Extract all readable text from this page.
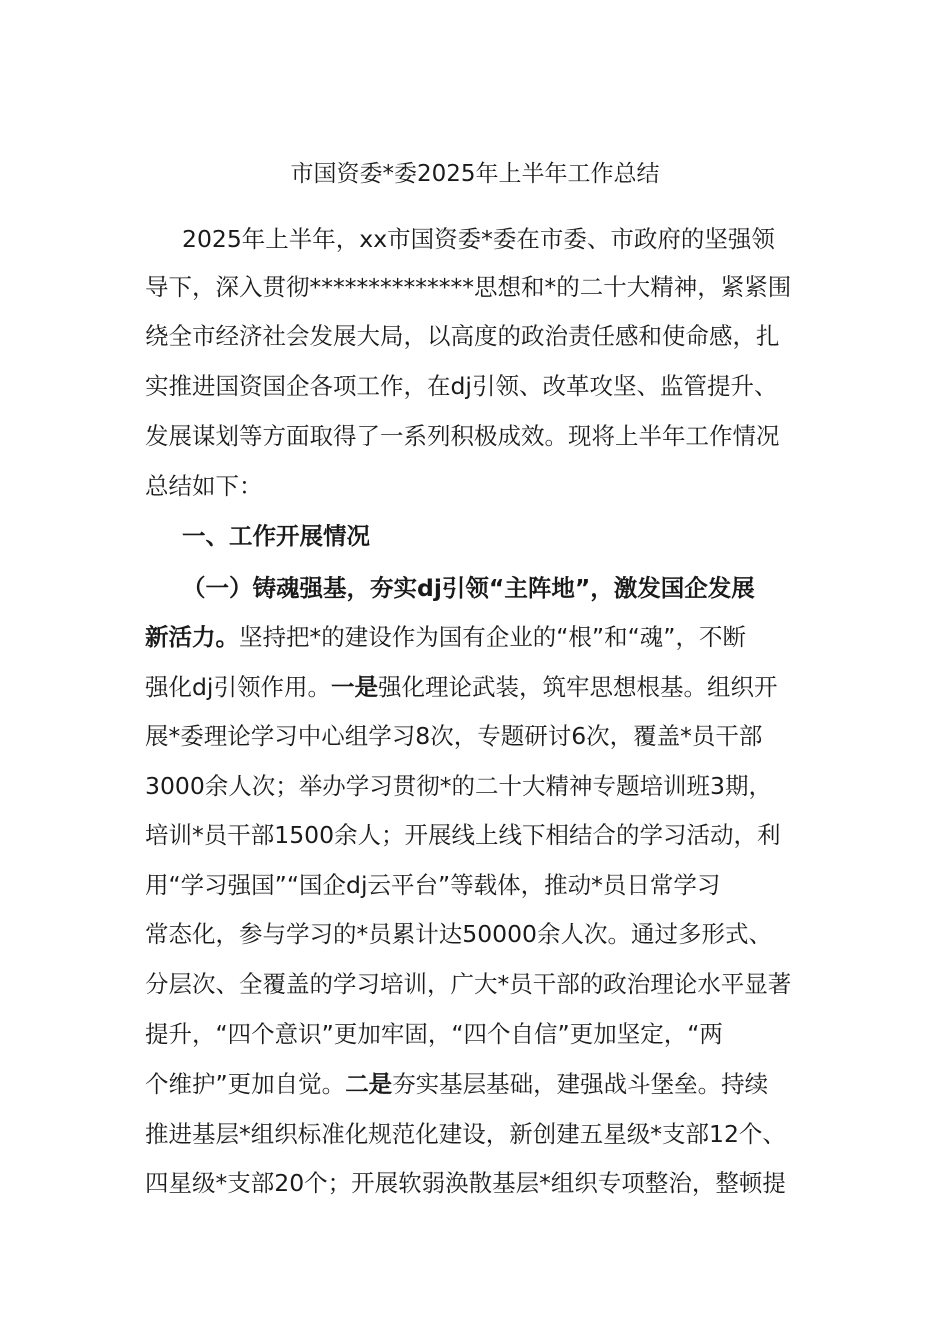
市国资委*委2025年上半年工作总结
2025年上半年，xx市国资委*委在市委、市政府的坚强领
导下，深入贯彻**************思想和*的二十大精神，紧紧围
绕全市经济社会发展大局，以高度的政治责任感和使命感，扎
实推进国资国企各项工作，在dj引领、改革攻坚、监管提升、
发展谋划等方面取得了一系列积极成效。现将上半年工作情况
总结如下：
一、工作开展情况
（一）铸魂强基，夯实dj引领“主阵地”，激发国企发展
新活力。坚持把*的建设作为国有企业的“根”和“魂”，不断
强化dj引领作用。一是强化理论武装，筑牢思想根基。组织开
展*委理论学习中心组学习8次，专题研讨6次，覆盖*员干部
3000余人次；举办学习贯彻*的二十大精神专题培训班3期，
培训*员干部1500余人；开展线上线下相结合的学习活动，利
用“学习强国”“国企dj云平台”等载体，推动*员日常学习
常态化，参与学习的*员累计达50000余人次。通过多形式、
分层次、全覆盖的学习培训，广大*员干部的政治理论水平显著
提升，“四个意识”更加牢固，“四个自信”更加坚定，“两
个维护”更加自觉。二是夯实基层基础，建强战斗堡垒。持续
推进基层*组织标准化规范化建设，新创建五星级*支部12个、
四星级*支部20个；开展软弱涣散基层*组织专项整治，整顿提
